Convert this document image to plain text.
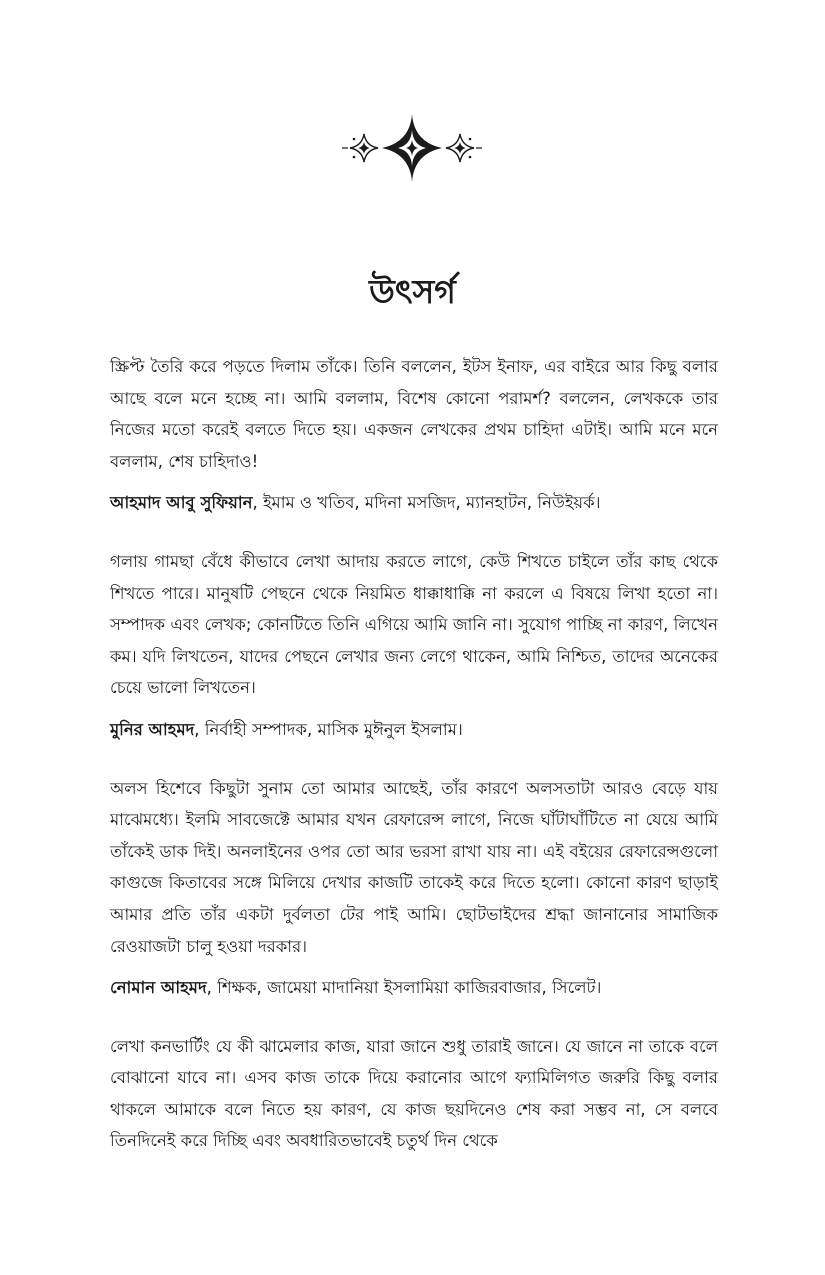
উৎসর্গ

স্ক্রিপ্ট তৈরি করে পড়তে দিলাম তাঁকে। তিনি বললেন, ইটস ইনাফ, এর বাইরে আর কিছু বলার আছে বলে মনে হচ্ছে না। আমি বললাম, বিশেষ কোনো পরামর্শ? বললেন, লেখককে তার নিজের মতো করেই বলতে দিতে হয়। একজন লেখকের প্রথম চাহিদা এটাই। আমি মনে মনে বললাম, শেষ চাহিদাও!

আহমাদ আবু সুফিয়ান, ইমাম ও খতিব, মদিনা মসজিদ, ম্যানহাটন, নিউইয়র্ক।

গলায় গামছা বেঁধে কীভাবে লেখা আদায় করতে লাগে, কেউ শিখতে চাইলে তাঁর কাছ থেকে শিখতে পারে। মানুষটি পেছনে থেকে নিয়মিত ধাক্কাধাক্কি না করলে এ বিষয়ে লিখা হতো না। সম্পাদক এবং লেখক; কোনটিতে তিনি এগিয়ে আমি জানি না। সুযোগ পাচ্ছি না কারণ, লিখেন কম। যদি লিখতেন, যাদের পেছনে লেখার জন্য লেগে থাকেন, আমি নিশ্চিত, তাদের অনেকের চেয়ে ভালো লিখতেন।

মুনির আহমদ, নির্বাহী সম্পাদক, মাসিক মুঈনুল ইসলাম।

অলস হিশেবে কিছুটা সুনাম তো আমার আছেই, তাঁর কারণে অলসতাটা আরও বেড়ে যায় মাঝেমধ্যে। ইলমি সাবজেক্টে আমার যখন রেফারেন্স লাগে, নিজে ঘাঁটাঘাঁটিতে না যেয়ে আমি তাঁকেই ডাক দিই। অনলাইনের ওপর তো আর ভরসা রাখা যায় না। এই বইয়ের রেফারেন্সগুলো কাগুজে কিতাবের সঙ্গে মিলিয়ে দেখার কাজটি তাকেই করে দিতে হলো। কোনো কারণ ছাড়াই আমার প্রতি তাঁর একটা দুর্বলতা টের পাই আমি। ছোটভাইদের শ্রদ্ধা জানানোর সামাজিক রেওয়াজটা চালু হওয়া দরকার।

নোমান আহমদ, শিক্ষক, জামেয়া মাদানিয়া ইসলামিয়া কাজিরবাজার, সিলেট।

লেখা কনভার্টিং যে কী ঝামেলার কাজ, যারা জানে শুধু তারাই জানে। যে জানে না তাকে বলে বোঝানো যাবে না। এসব কাজ তাকে দিয়ে করানোর আগে ফ্যামিলিগত জরুরি কিছু বলার থাকলে আমাকে বলে নিতে হয় কারণ, যে কাজ ছয়দিনেও শেষ করা সম্ভব না, সে বলবে তিনদিনেই করে দিচ্ছি এবং অবধারিতভাবেই চতুর্থ দিন থেকে
